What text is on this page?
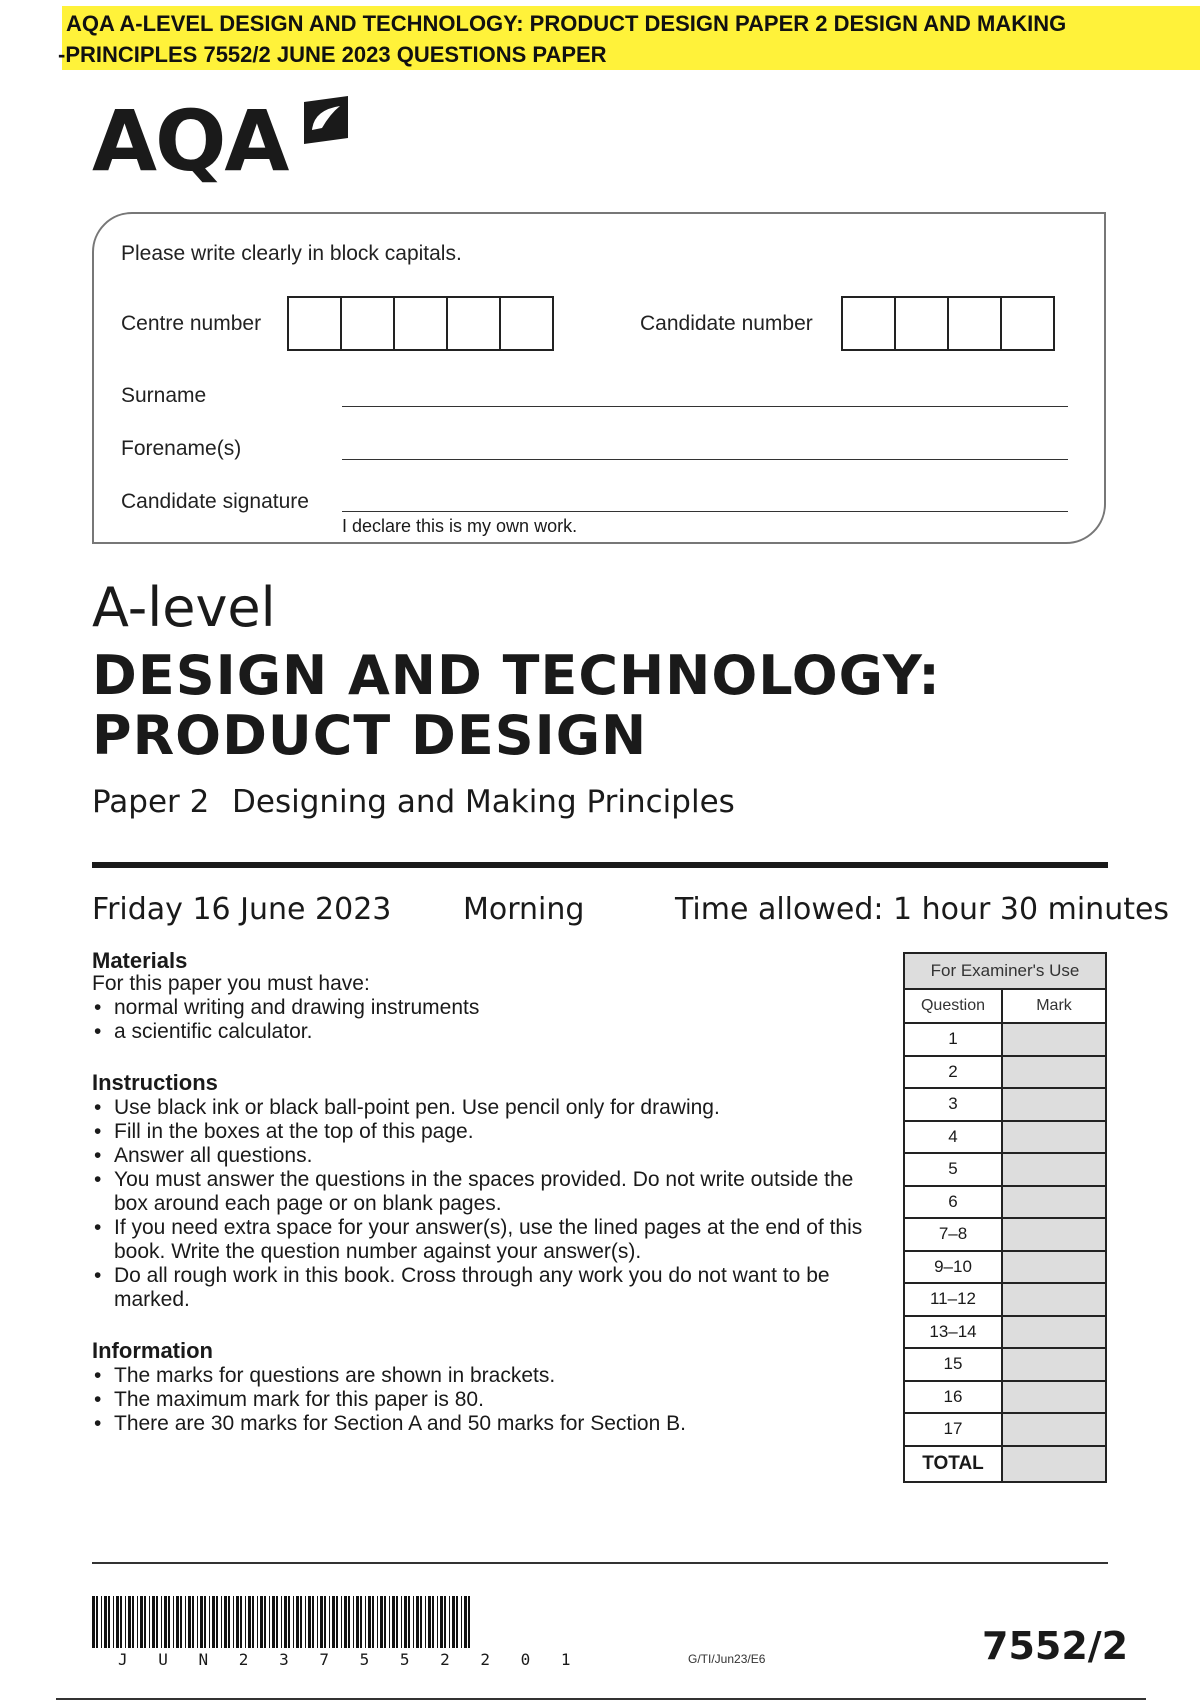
AQA A-LEVEL DESIGN AND TECHNOLOGY: PRODUCT DESIGN PAPER 2 DESIGN AND MAKING
-PRINCIPLES 7552/2 JUNE 2023 QUESTIONS PAPER
AQA
Please write clearly in block capitals.
Centre number	Candidate number
Surname
Forename(s)
Candidate signature
I declare this is my own work.
A-level
DESIGN AND TECHNOLOGY:
PRODUCT DESIGN
Paper 2 Designing and Making Principles
Friday 16 June 2023 Morning	Time allowed: 1 hour 30 minutes
Materials
For this paper you must have:
• normal writing and drawing instruments
• a scientific calculator.
Instructions
• Use black ink or black ball-point pen. Use pencil only for drawing.
• Fill in the boxes at the top of this page.
• Answer all questions.
• You must answer the questions in the spaces provided. Do not write outside the box around each page or on blank pages.
• If you need extra space for your answer(s), use the lined pages at the end of this book. Write the question number against your answer(s).
• Do all rough work in this book. Cross through any work you do not want to be marked.
Information
• The marks for questions are shown in brackets.
• The maximum mark for this paper is 80.
• There are 30 marks for Section A and 50 marks for Section B.
For Examiner's Use	
Question	Mark
1	
2	
3	
4	
5	
6	
7–8	
9–10	
11–12	
13–14	
15	
16	
17	
TOTAL	
J U N 2 3 7 5 5 2 2 0 1	G/TI/Jun23/E6	7552/2
